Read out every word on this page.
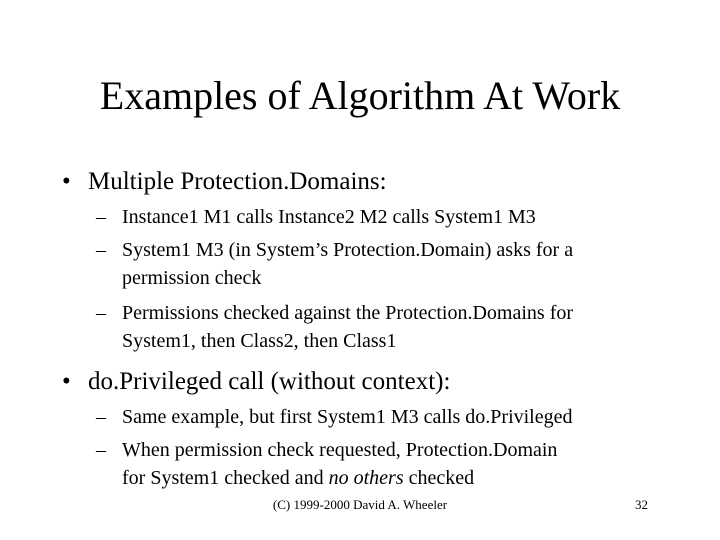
Examples of Algorithm At Work
• Multiple Protection.Domains:
– Instance1 M1 calls Instance2 M2 calls System1 M3
– System1 M3 (in System’s Protection.Domain) asks for a
permission check
– Permissions checked against the Protection.Domains for
System1, then Class2, then Class1
• do.Privileged call (without context):
– Same example, but first System1 M3 calls do.Privileged
– When permission check requested, Protection.Domain
for System1 checked and no others checked
(C) 1999-2000 David A. Wheeler	32
